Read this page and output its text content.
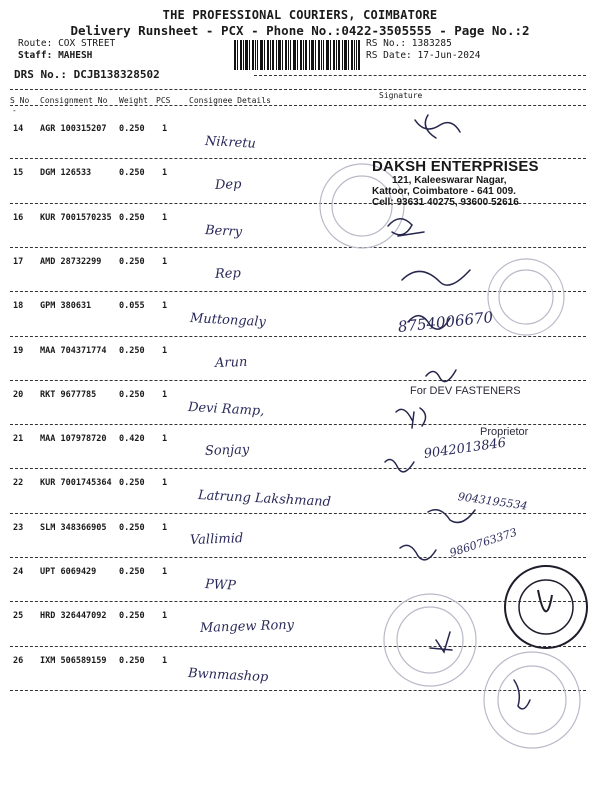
THE PROFESSIONAL COURIERS, COIMBATORE
Delivery Runsheet - PCX - Phone No.:0422-3505555 - Page No.:2
Route: COX STREET
Staff: MAHESH
RS No.: 1383285
RS Date: 17-Jun-2024
DRS No.: DCJB138328502
S No Consignment No Weight PCS Consignee Details
Signature
-
14 AGR 100315207 0.250 1
Nikretu
15 DGM 126533	0.250 1
Dep
16 KUR 7001570235 0.250 1
Berry
17 AMD 28732299 0.250 1
Rep
18 GPM 380631	0.055 1
Muttongaly
19 MAA 704371774 0.250 1
Arun
20 RKT 9677785	0.250 1
Devi Ramp,
21 MAA 107978720 0.420 1
Sonjay
22 KUR 7001745364 0.250 1
Latrung Lakshmand
23 SLM 348366905 0.250 1
Vallimid
24 UPT 6069429	0.250 1
PWP
25 HRD 326447092 0.250 1
Mangew Rony
26 IXM 506589159 0.250 1
Bwnmashop
DAKSH ENTERPRISES
121, Kaleeswarar Nagar,
Kattoor, Coimbatore - 641 009.
Cell: 93631 40275, 93600 52616
For DEV FASTENERS
Proprietor
8754006670
9042013846
9043195534
9860763373
